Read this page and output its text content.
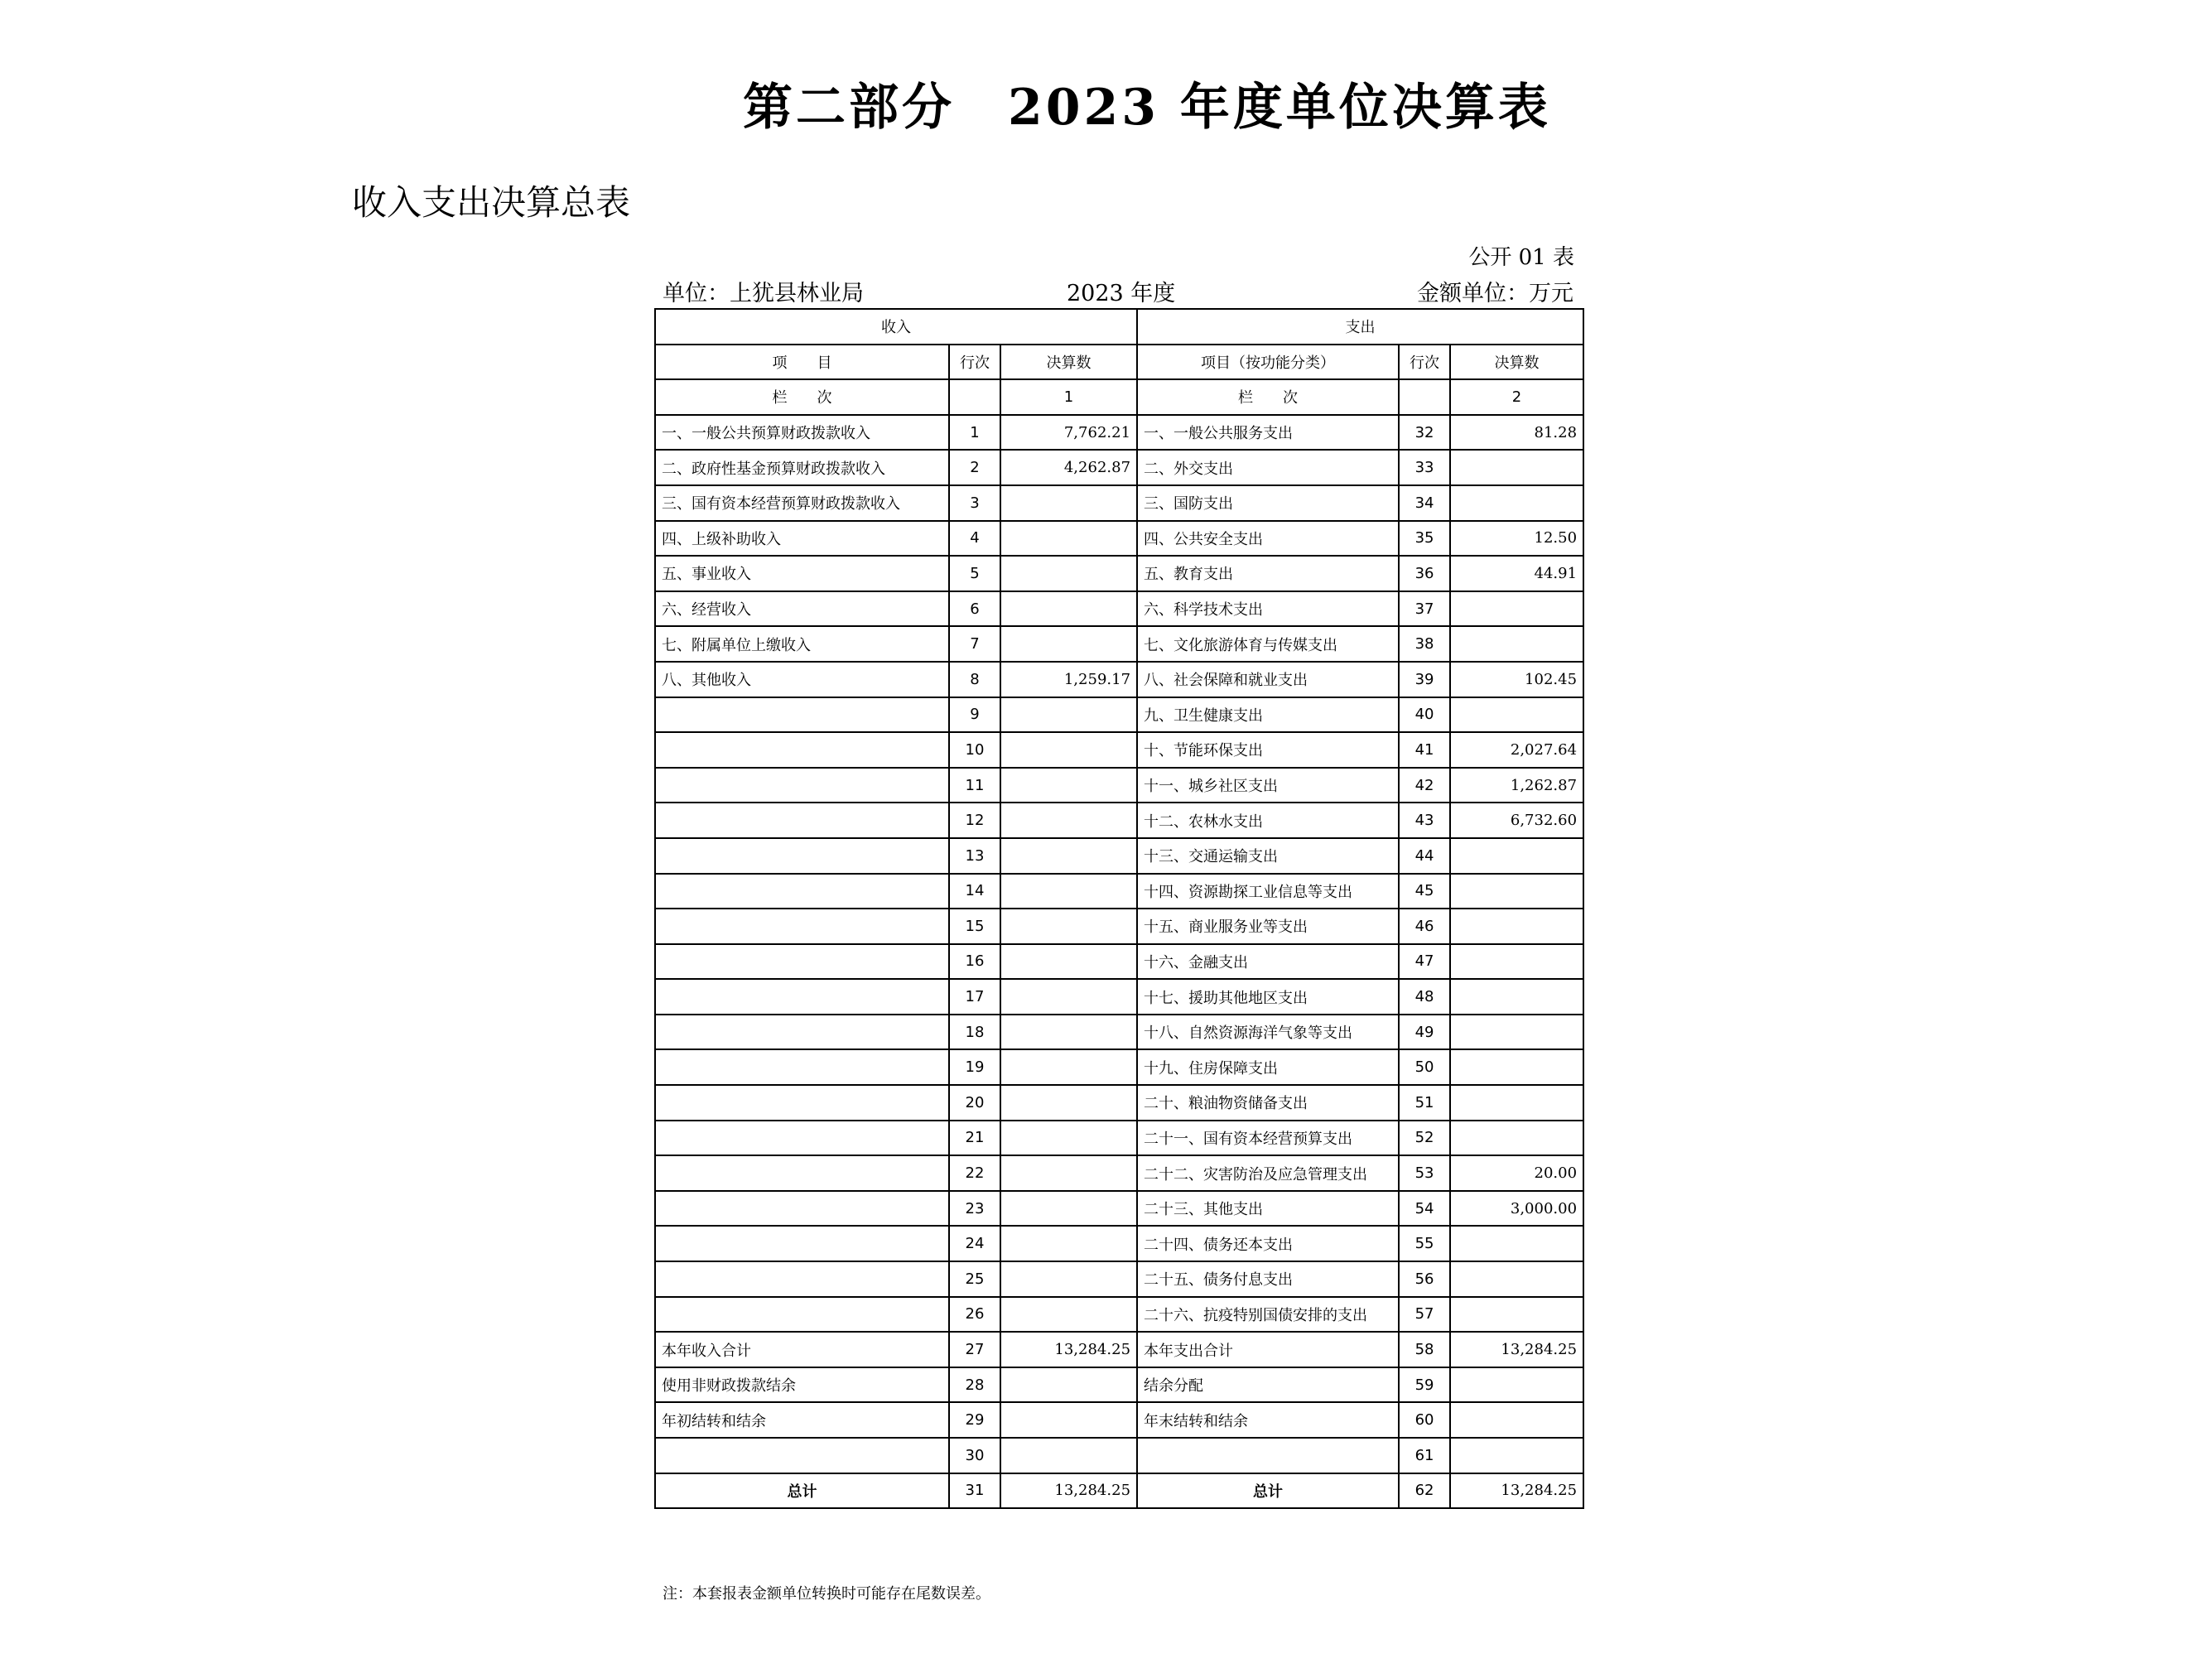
第二部分　2023 年度单位决算表
收入支出决算总表
公开 01 表
单位：上犹县林业局	2023 年度	金额单位：万元
收入			支出		
项　　目	行次	决算数	项目（按功能分类）	行次	决算数
栏　　次		1	栏　　次		2
一、一般公共预算财政拨款收入	1	7,762.21	一、一般公共服务支出	32	81.28
二、政府性基金预算财政拨款收入	2	4,262.87	二、外交支出	33	
三、国有资本经营预算财政拨款收入	3		三、国防支出	34	
四、上级补助收入	4		四、公共安全支出	35	12.50
五、事业收入	5		五、教育支出	36	44.91
六、经营收入	6		六、科学技术支出	37	
七、附属单位上缴收入	7		七、文化旅游体育与传媒支出	38	
八、其他收入	8	1,259.17	八、社会保障和就业支出	39	102.45
	9		九、卫生健康支出	40	
	10		十、节能环保支出	41	2,027.64
	11		十一、城乡社区支出	42	1,262.87
	12		十二、农林水支出	43	6,732.60
	13		十三、交通运输支出	44	
	14		十四、资源勘探工业信息等支出	45	
	15		十五、商业服务业等支出	46	
	16		十六、金融支出	47	
	17		十七、援助其他地区支出	48	
	18		十八、自然资源海洋气象等支出	49	
	19		十九、住房保障支出	50	
	20		二十、粮油物资储备支出	51	
	21		二十一、国有资本经营预算支出	52	
	22		二十二、灾害防治及应急管理支出	53	20.00
	23		二十三、其他支出	54	3,000.00
	24		二十四、债务还本支出	55	
	25		二十五、债务付息支出	56	
	26		二十六、抗疫特别国债安排的支出	57	
本年收入合计	27	13,284.25	本年支出合计	58	13,284.25
使用非财政拨款结余	28		结余分配	59	
年初结转和结余	29		年末结转和结余	60	
	30			61	
总计	31	13,284.25	总计	62	13,284.25
注：本套报表金额单位转换时可能存在尾数误差。
